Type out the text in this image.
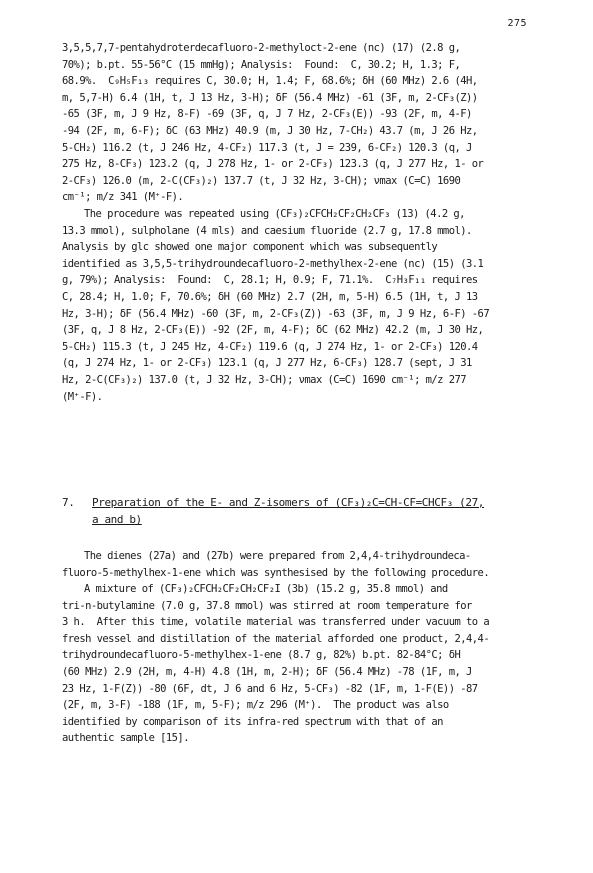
275
3,5,5,7,7-pentahydroterdecafluoro-2-methyloct-2-ene (nc) (17) (2.8 g,
70%); b.pt. 55-56°C (15 mmHg); Analysis:  Found:  C, 30.2; H, 1.3; F,
68.9%.  C₉H₅F₁₃ requires C, 30.0; H, 1.4; F, 68.6%; δH (60 MHz) 2.6 (4H,
m, 5,7-H) 6.4 (1H, t, J 13 Hz, 3-H); δF (56.4 MHz) -61 (3F, m, 2-CF₃(Z))
-65 (3F, m, J 9 Hz, 8-F) -69 (3F, q, J 7 Hz, 2-CF₃(E)) -93 (2F, m, 4-F)
-94 (2F, m, 6-F); δC (63 MHz) 40.9 (m, J 30 Hz, 7-CH₂) 43.7 (m, J 26 Hz,
5-CH₂) 116.2 (t, J 246 Hz, 4-CF₂) 117.3 (t, J = 239, 6-CF₂) 120.3 (q, J
275 Hz, 8-CF₃) 123.2 (q, J 278 Hz, 1- or 2-CF₃) 123.3 (q, J 277 Hz, 1- or
2-CF₃) 126.0 (m, 2-C(CF₃)₂) 137.7 (t, J 32 Hz, 3-CH); νmax (C=C) 1690
cm⁻¹; m/z 341 (M⁺-F).
The procedure was repeated using (CF₃)₂CFCH₂CF₂CH₂CF₃ (13) (4.2 g,
13.3 mmol), sulpholane (4 mls) and caesium fluoride (2.7 g, 17.8 mmol).
Analysis by glc showed one major component which was subsequently
identified as 3,5,5-trihydroundecafluoro-2-methylhex-2-ene (nc) (15) (3.1
g, 79%); Analysis:  Found:  C, 28.1; H, 0.9; F, 71.1%.  C₇H₃F₁₁ requires
C, 28.4; H, 1.0; F, 70.6%; δH (60 MHz) 2.7 (2H, m, 5-H) 6.5 (1H, t, J 13
Hz, 3-H); δF (56.4 MHz) -60 (3F, m, 2-CF₃(Z)) -63 (3F, m, J 9 Hz, 6-F) -67
(3F, q, J 8 Hz, 2-CF₃(E)) -92 (2F, m, 4-F); δC (62 MHz) 42.2 (m, J 30 Hz,
5-CH₂) 115.3 (t, J 245 Hz, 4-CF₂) 119.6 (q, J 274 Hz, 1- or 2-CF₃) 120.4
(q, J 274 Hz, 1- or 2-CF₃) 123.1 (q, J 277 Hz, 6-CF₃) 128.7 (sept, J 31
Hz, 2-C(CF₃)₂) 137.0 (t, J 32 Hz, 3-CH); νmax (C=C) 1690 cm⁻¹; m/z 277
(M⁺-F).
7. Preparation of the E- and Z-isomers of (CF₃)₂C=CH-CF=CHCF₃ (27,
a and b)
The dienes (27a) and (27b) were prepared from 2,4,4-trihydroundeca-
fluoro-5-methylhex-1-ene which was synthesised by the following procedure.
A mixture of (CF₃)₂CFCH₂CF₂CH₂CF₂I (3b) (15.2 g, 35.8 mmol) and
tri-n-butylamine (7.0 g, 37.8 mmol) was stirred at room temperature for
3 h.  After this time, volatile material was transferred under vacuum to a
fresh vessel and distillation of the material afforded one product, 2,4,4-
trihydroundecafluoro-5-methylhex-1-ene (8.7 g, 82%) b.pt. 82-84°C; δH
(60 MHz) 2.9 (2H, m, 4-H) 4.8 (1H, m, 2-H); δF (56.4 MHz) -78 (1F, m, J
23 Hz, 1-F(Z)) -80 (6F, dt, J 6 and 6 Hz, 5-CF₃) -82 (1F, m, 1-F(E)) -87
(2F, m, 3-F) -188 (1F, m, 5-F); m/z 296 (M⁺).  The product was also
identified by comparison of its infra-red spectrum with that of an
authentic sample [15].
